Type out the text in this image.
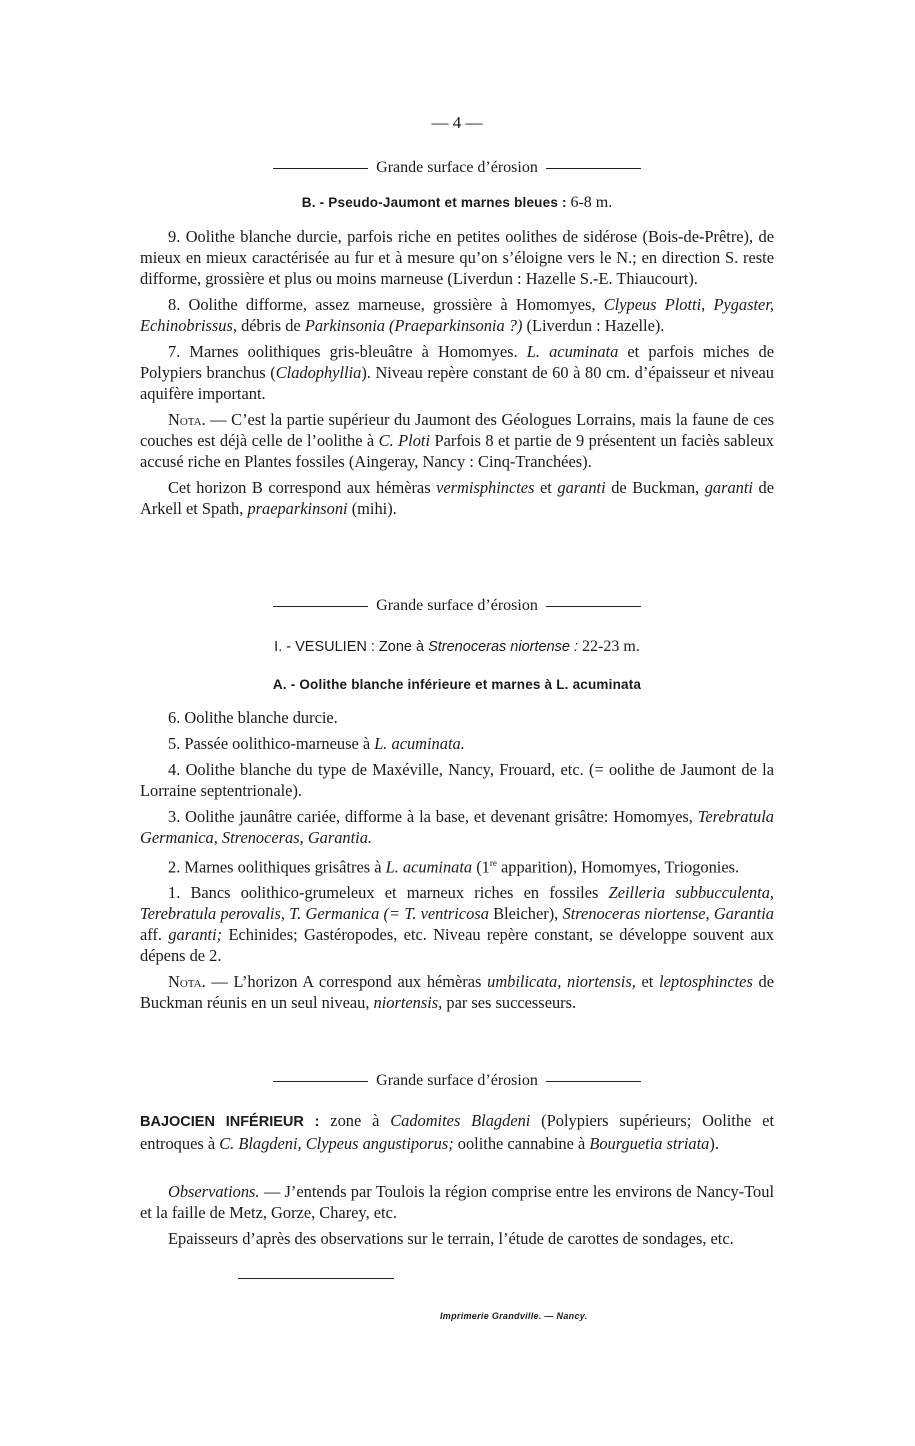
— 4 —
Grande surface d’érosion
B. - Pseudo-Jaumont et marnes bleues : 6-8 m.

9. Oolithe blanche durcie, parfois riche en petites oolithes de sidérose (Bois-de-Prêtre), de mieux en mieux caractérisée au fur et à mesure qu’on s’éloigne vers le N.; en direction S. reste difforme, grossière et plus ou moins marneuse (Liverdun : Hazelle S.-E. Thiaucourt).

8. Oolithe difforme, assez marneuse, grossière à Homomyes, Clypeus Plotti, Pygaster, Echinobrissus, débris de Parkinsonia (Praeparkinsonia ?) (Liverdun : Hazelle).

7. Marnes oolithiques gris-bleuâtre à Homomyes. L. acuminata et parfois miches de Polypiers branchus (Cladophyllia). Niveau repère constant de 60 à 80 cm. d’épaisseur et niveau aquifère important.

Nota. — C’est la partie supérieur du Jaumont des Géologues Lorrains, mais la faune de ces couches est déjà celle de l’oolithe à C. Ploti Parfois 8 et partie de 9 présentent un faciès sableux accusé riche en Plantes fossiles (Aingeray, Nancy : Cinq-Tranchées).

Cet horizon B correspond aux hémèras vermisphinctes et garanti de Buckman, garanti de Arkell et Spath, praeparkinsoni (mihi).

Grande surface d’érosion
I. - VESULIEN : Zone à Strenoceras niortense : 22-23 m.
A. - Oolithe blanche inférieure et marnes à L. acuminata

6. Oolithe blanche durcie.

5. Passée oolithico-marneuse à L. acuminata.

4. Oolithe blanche du type de Maxéville, Nancy, Frouard, etc. (= oolithe de Jaumont de la Lorraine septentrionale).

3. Oolithe jaunâtre cariée, difforme à la base, et devenant grisâtre: Homomyes, Terebratula Germanica, Strenoceras, Garantia.

2. Marnes oolithiques grisâtres à L. acuminata (1re apparition), Homomyes, Triogonies.

1. Bancs oolithico-grumeleux et marneux riches en fossiles Zeilleria subbucculenta, Terebratula perovalis, T. Germanica (= T. ventricosa Bleicher), Strenoceras niortense, Garantia aff. garanti; Echinides; Gastéropodes, etc. Niveau repère constant, se développe souvent aux dépens de 2.

Nota. — L’horizon A correspond aux hémèras umbilicata, niortensis, et leptosphinctes de Buckman réunis en un seul niveau, niortensis, par ses successeurs.

Grande surface d’érosion

BAJOCIEN INFÉRIEUR : zone à Cadomites Blagdeni (Polypiers supérieurs; Oolithe et entroques à C. Blagdeni, Clypeus angustiporus; oolithe cannabine à Bourguetia striata).

Observations. — J’entends par Toulois la région comprise entre les environs de Nancy-Toul et la faille de Metz, Gorze, Charey, etc.

Epaisseurs d’après des observations sur le terrain, l’étude de carottes de sondages, etc.

Imprimerie Grandville. — Nancy.
